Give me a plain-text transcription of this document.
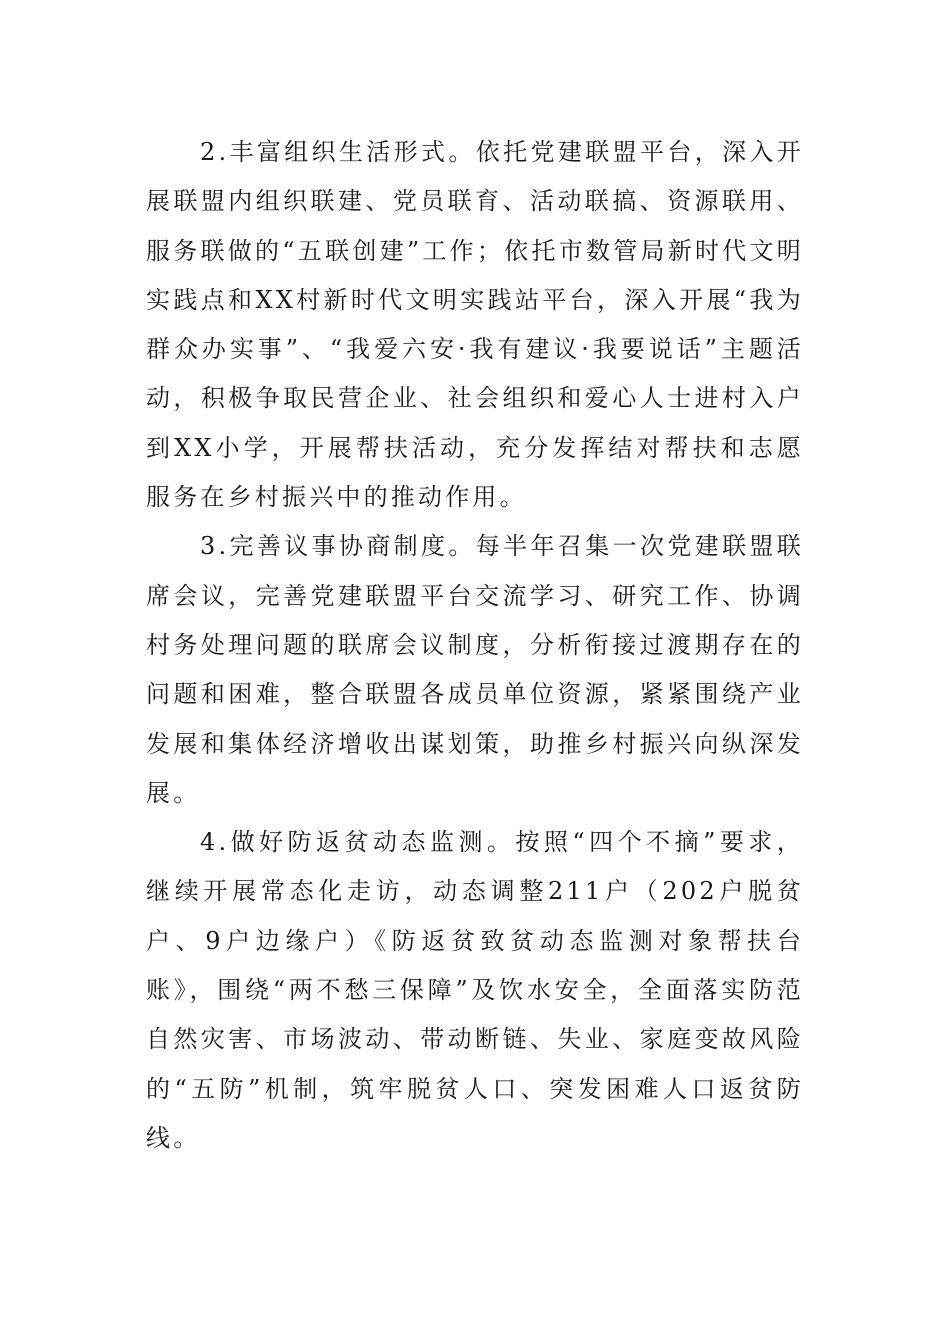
2.丰富组织生活形式。依托党建联盟平台，深入开展联盟内组织联建、党员联育、活动联搞、资源联用、服务联做的“五联创建”工作；依托市数管局新时代文明实践点和XX村新时代文明实践站平台，深入开展“我为群众办实事”、“我爱六安·我有建议·我要说话”主题活动，积极争取民营企业、社会组织和爱心人士进村入户到XX小学，开展帮扶活动，充分发挥结对帮扶和志愿服务在乡村振兴中的推动作用。

3.完善议事协商制度。每半年召集一次党建联盟联席会议，完善党建联盟平台交流学习、研究工作、协调村务处理问题的联席会议制度，分析衔接过渡期存在的问题和困难，整合联盟各成员单位资源，紧紧围绕产业发展和集体经济增收出谋划策，助推乡村振兴向纵深发展。

4.做好防返贫动态监测。按照“四个不摘”要求，继续开展常态化走访，动态调整211户（202户脱贫户、9户边缘户）《防返贫致贫动态监测对象帮扶台账》，围绕“两不愁三保障”及饮水安全，全面落实防范自然灾害、市场波动、带动断链、失业、家庭变故风险的“五防”机制，筑牢脱贫人口、突发困难人口返贫防线。
